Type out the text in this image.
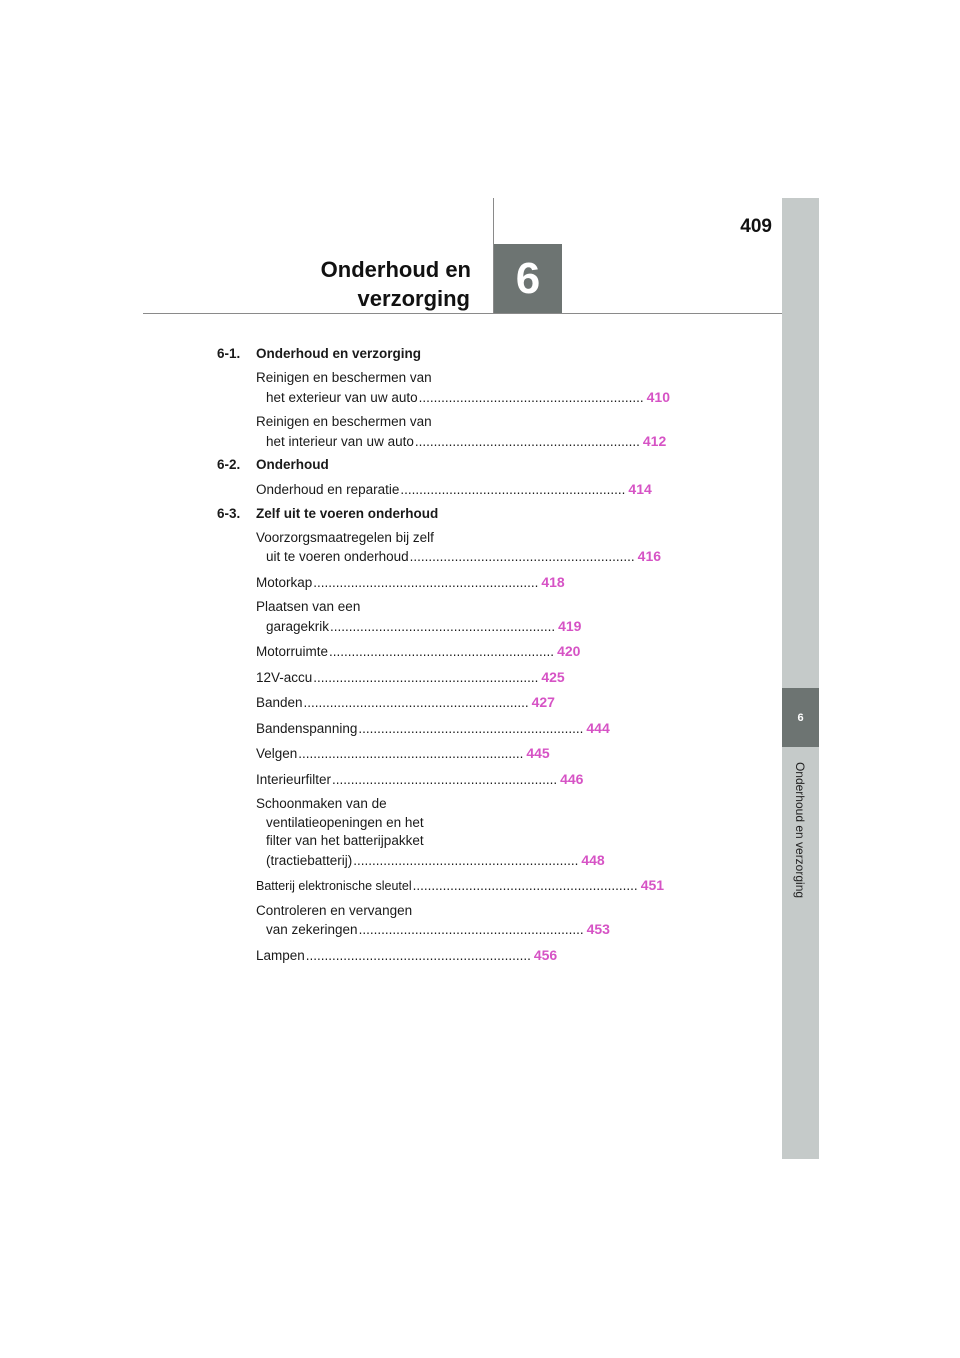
6
Onderhoud en verzorging
409
6
Onderhoud en

verzorging
6-1.	Onderhoud en verzorging
Reinigen en beschermen van
het exterieur van uw auto ............................................................ 410
Reinigen en beschermen van
het interieur van uw auto ............................................................ 412
6-2.	Onderhoud
Onderhoud en reparatie ............................................................ 414
6-3.	Zelf uit te voeren onderhoud
Voorzorgsmaatregelen bij zelf
uit te voeren onderhoud ............................................................ 416
Motorkap ............................................................ 418
Plaatsen van een
garagekrik ............................................................ 419
Motorruimte ............................................................ 420
12V-accu ............................................................ 425
Banden ............................................................ 427
Bandenspanning ............................................................ 444
Velgen ............................................................ 445
Interieurfilter ............................................................ 446
Schoonmaken van de
ventilatieopeningen en het
filter van het batterijpakket
(tractiebatterij) ............................................................ 448
Batterij elektronische sleutel ............................................................ 451
Controleren en vervangen
van zekeringen ............................................................ 453
Lampen ............................................................ 456
